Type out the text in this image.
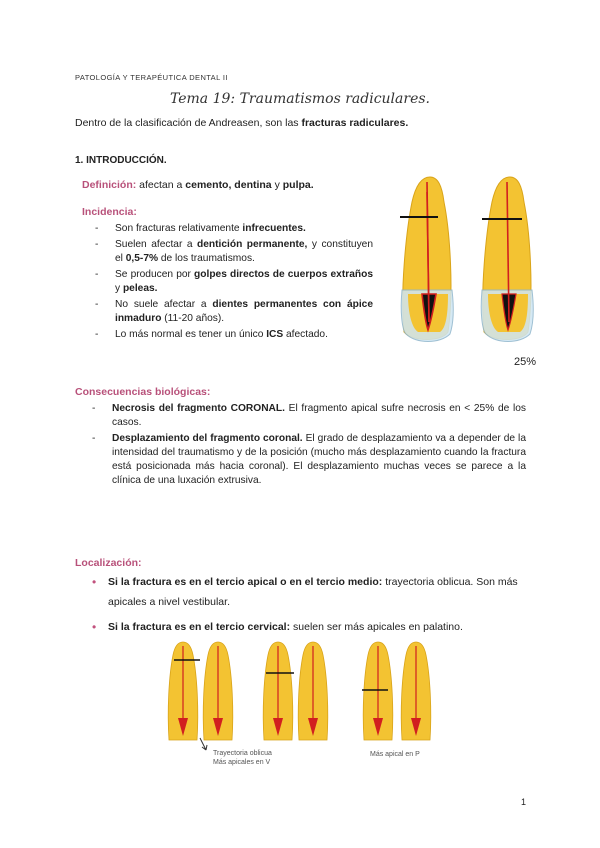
PATOLOGÍA Y TERAPÉUTICA DENTAL II
Tema 19: Traumatismos radiculares.
Dentro de la clasificación de Andreasen, son las fracturas radiculares.
1. INTRODUCCIÓN.
Definición: afectan a cemento, dentina y pulpa.
Incidencia:
- Son fracturas relativamente infrecuentes.
- Suelen afectar a dentición permanente, y constituyen el 0,5-7% de los traumatismos.
- Se producen por golpes directos de cuerpos extraños y peleas.
- No suele afectar a dientes permanentes con ápice inmaduro (11-20 años).
- Lo más normal es tener un único ICS afectado.
25%
Consecuencias biológicas:
- Necrosis del fragmento CORONAL. El fragmento apical sufre necrosis en < 25% de los casos.
- Desplazamiento del fragmento coronal. El grado de desplazamiento va a depender de la intensidad del traumatismo y de la posición (mucho más desplazamiento cuando la fractura está posicionada más hacia coronal). El desplazamiento muchas veces se parece a la clínica de una luxación extrusiva.
Localización:
• Si la fractura es en el tercio apical o en el tercio medio: trayectoria oblicua. Son más apicales a nivel vestibular.
• Si la fractura es en el tercio cervical: suelen ser más apicales en palatino.
Trayectoria oblicua
Más apicales en V
Más apical en P
1
